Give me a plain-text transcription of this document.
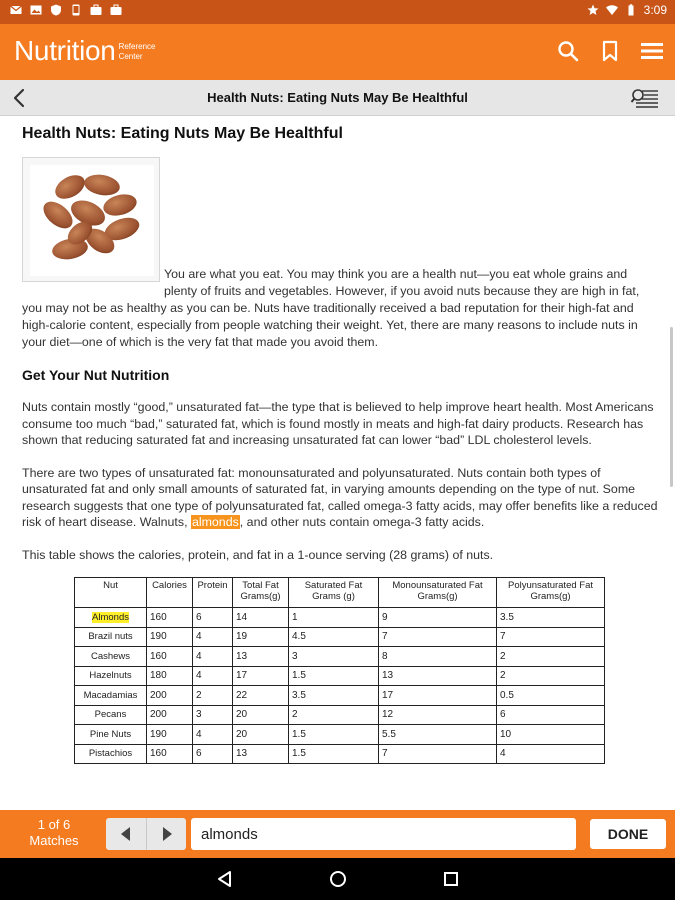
3:09
Nutrition Reference
Center
Health Nuts: Eating Nuts May Be Healthful
Health Nuts: Eating Nuts May Be Healthful

You are what you eat. You may think you are a health nut—you eat whole grains and plenty of fruits and vegetables. However, if you avoid nuts because they are high in fat, you may not be as healthy as you can be. Nuts have traditionally received a bad reputation for their high-fat and high-calorie content, especially from people watching their weight. Yet, there are many reasons to include nuts in your diet—one of which is the very fat that made you avoid them.

Get Your Nut Nutrition

Nuts contain mostly “good,” unsaturated fat—the type that is believed to help improve heart health. Most Americans consume too much “bad,” saturated fat, which is found mostly in meats and high-fat dairy products. Research has shown that reducing saturated fat and increasing unsaturated fat can lower “bad” LDL cholesterol levels.

There are two types of unsaturated fat: monounsaturated and polyunsaturated. Nuts contain both types of unsaturated fat and only small amounts of saturated fat, in varying amounts depending on the type of nut. Some research suggests that one type of polyunsaturated fat, called omega-3 fatty acids, may offer benefits like a reduced risk of heart disease. Walnuts, almonds, and other nuts contain omega-3 fatty acids.

This table shows the calories, protein, and fat in a 1-ounce serving (28 grams) of nuts.

Nut	Calories	Protein	Total Fat Grams(g)	Saturated Fat Grams (g)	Monounsaturated Fat Grams(g)	Polyunsaturated Fat Grams(g)
Almonds	160	6	14	1	9	3.5
Brazil nuts	190	4	19	4.5	7	7
Cashews	160	4	13	3	8	2
Hazelnuts	180	4	17	1.5	13	2
Macadamias	200	2	22	3.5	17	0.5
Pecans	200	3	20	2	12	6
Pine Nuts	190	4	20	1.5	5.5	10
Pistachios	160	6	13	1.5	7	4
1 of 6
Matches
almonds	DONE
